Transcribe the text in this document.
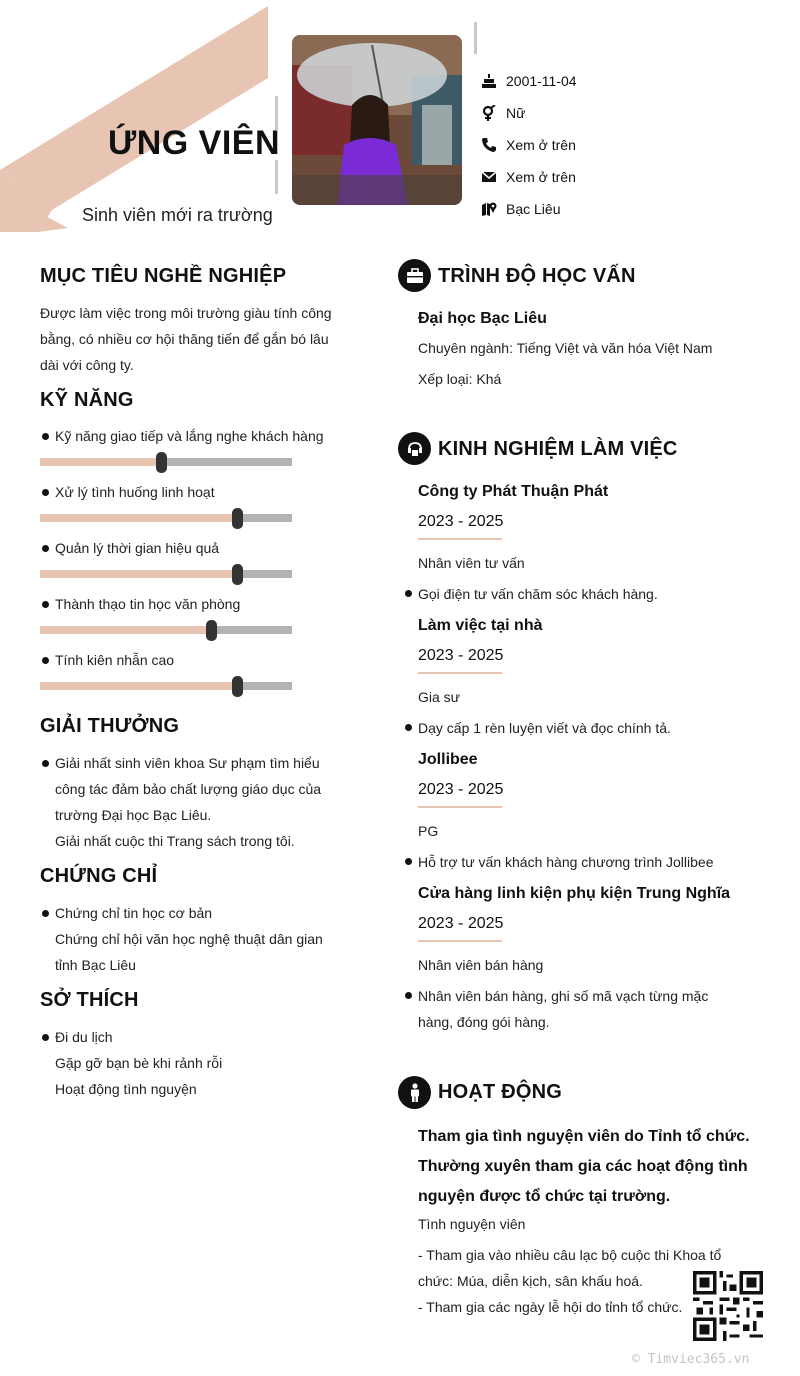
ỨNG VIÊN
Sinh viên mới ra trường
2001-11-04
Nữ
Xem ở trên
Xem ở trên
Bạc Liêu
MỤC TIÊU NGHỀ NGHIỆP
Được làm việc trong môi trường giàu tính công
bằng, có nhiều cơ hội thăng tiến để gắn bó lâu
dài với công ty.
KỸ NĂNG
Kỹ năng giao tiếp và lắng nghe khách hàng
Xử lý tình huống linh hoạt
Quản lý thời gian hiệu quả
Thành thạo tin học văn phòng
Tính kiên nhẫn cao
GIẢI THƯỞNG
Giải nhất sinh viên khoa Sư phạm tìm hiểu
công tác đảm bảo chất lượng giáo dục của
trường Đại học Bạc Liêu.
Giải nhất cuộc thi Trang sách trong tôi.
CHỨNG CHỈ
Chứng chỉ tin học cơ bản
Chứng chỉ hội văn học nghệ thuật dân gian
tỉnh Bạc Liêu
SỞ THÍCH
Đi du lịch
Gặp gỡ bạn bè khi rảnh rỗi
Hoạt động tình nguyện
TRÌNH ĐỘ HỌC VẤN
Đại học Bạc Liêu
Chuyên ngành: Tiếng Việt và văn hóa Việt Nam
Xếp loại: Khá
KINH NGHIỆM LÀM VIỆC
Công ty Phát Thuận Phát
2023 - 2025
Nhân viên tư vấn
Gọi điện tư vấn chăm sóc khách hàng.
Làm việc tại nhà
2023 - 2025
Gia sư
Dạy cấp 1 rèn luyện viết và đọc chính tả.
Jollibee
2023 - 2025
PG
Hỗ trợ tư vấn khách hàng chương trình Jollibee
Cửa hàng linh kiện phụ kiện Trung Nghĩa
2023 - 2025
Nhân viên bán hàng
Nhân viên bán hàng, ghi số mã vạch từng mặc
hàng, đóng gói hàng.
HOẠT ĐỘNG
Tham gia tình nguyện viên do Tỉnh tổ chức.
Thường xuyên tham gia các hoạt động tình
nguyện được tổ chức tại trường.
Tình nguyện viên
- Tham gia vào nhiều câu lạc bộ cuộc thi Khoa tổ
chức: Múa, diễn kịch, sân khấu hoá.
- Tham gia các ngày lễ hội do tỉnh tổ chức.
© Timviec365.vn
